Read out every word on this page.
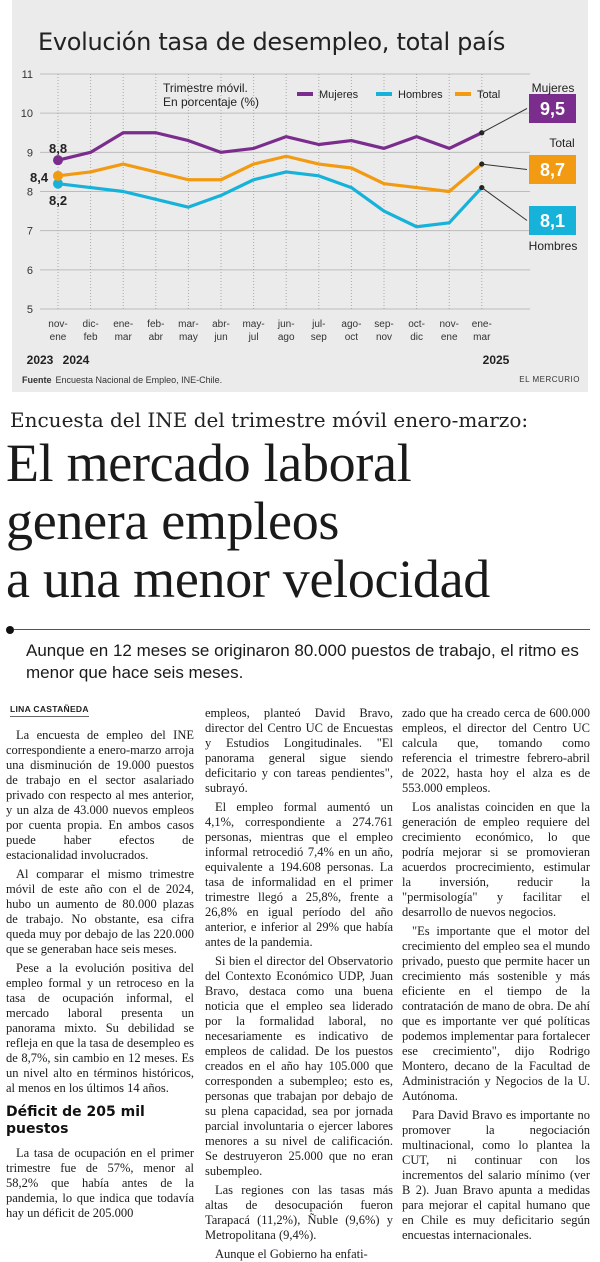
Evolución tasa de desempleo, total país
Trimestre móvil.
En porcentaje (%)	Mujeres	Hombres	Total
5
6
7
8
9
10
11
nov-
ene
dic-
feb
ene-
mar
feb-
abr
mar-
may
abr-
jun
may-
jul
jun-
ago
jul-
sep
ago-
oct
sep-
nov
oct-
dic
nov-
ene
ene-
mar
2023 2024	2025
8,8
8,2
8,4
9,5
Mujeres
8,1
Hombres
8,7
Total
Fuente Encuesta Nacional de Empleo, INE-Chile.	EL MERCURIO
Encuesta del INE del trimestre móvil enero-marzo:
El mercado laboral
genera empleos
a una menor velocidad
Aunque en 12 meses se originaron 80.000 puestos de trabajo, el ritmo es menor que hace seis meses.
LINA CASTAÑEDA

La encuesta de empleo del INE correspondiente a enero-marzo arroja una disminución de 19.000 puestos de trabajo en el sector asalariado privado con respecto al mes anterior, y un alza de 43.000 nuevos empleos por cuenta propia. En ambos casos puede haber efectos de estacionalidad involucrados.

Al comparar el mismo trimestre móvil de este año con el de 2024, hubo un aumento de 80.000 plazas de trabajo. No obstante, esa cifra queda muy por debajo de las 220.000 que se generaban hace seis meses.

Pese a la evolución positiva del empleo formal y un retroceso en la tasa de ocupación informal, el mercado laboral presenta un panorama mixto. Su debilidad se refleja en que la tasa de desempleo es de 8,7%, sin cambio en 12 meses. Es un nivel alto en términos históricos, al menos en los últimos 14 años.

Déficit de 205 mil puestos

La tasa de ocupación en el primer trimestre fue de 57%, menor al 58,2% que había antes de la pandemia, lo que indica que todavía hay un déficit de 205.000

empleos, planteó David Bravo, director del Centro UC de Encuestas y Estudios Longitudinales. "El panorama general sigue siendo deficitario y con tareas pendientes", subrayó.

El empleo formal aumentó un 4,1%, correspondiente a 274.761 personas, mientras que el empleo informal retrocedió 7,4% en un año, equivalente a 194.608 personas. La tasa de informalidad en el primer trimestre llegó a 25,8%, frente a 26,8% en igual período del año anterior, e inferior al 29% que había antes de la pandemia.

Si bien el director del Observatorio del Contexto Económico UDP, Juan Bravo, destaca como una buena noticia que el empleo sea liderado por la formalidad laboral, no necesariamente es indicativo de empleos de calidad. De los puestos creados en el año hay 105.000 que corresponden a subempleo; esto es, personas que trabajan por debajo de su plena capacidad, sea por jornada parcial involuntaria o ejercer labores menores a su nivel de calificación. Se destruyeron 25.000 que no eran subempleo.

Las regiones con las tasas más altas de desocupación fueron Tarapacá (11,2%), Ñuble (9,6%) y Metropolitana (9,4%).

Aunque el Gobierno ha enfati-

zado que ha creado cerca de 600.000 empleos, el director del Centro UC calcula que, tomando como referencia el trimestre febrero-abril de 2022, hasta hoy el alza es de 553.000 empleos.

Los analistas coinciden en que la generación de empleo requiere del crecimiento económico, lo que podría mejorar si se promovieran acuerdos procrecimiento, estimular la inversión, reducir la "permisología" y facilitar el desarrollo de nuevos negocios.

"Es importante que el motor del crecimiento del empleo sea el mundo privado, puesto que permite hacer un crecimiento más sostenible y más eficiente en el tiempo de la contratación de mano de obra. De ahí que es importante ver qué políticas podemos implementar para fortalecer ese crecimiento", dijo Rodrigo Montero, decano de la Facultad de Administración y Negocios de la U. Autónoma.

Para David Bravo es importante no promover la negociación multinacional, como lo plantea la CUT, ni continuar con los incrementos del salario mínimo (ver B 2). Juan Bravo apunta a medidas para mejorar el capital humano que en Chile es muy deficitario según encuestas internacionales.
